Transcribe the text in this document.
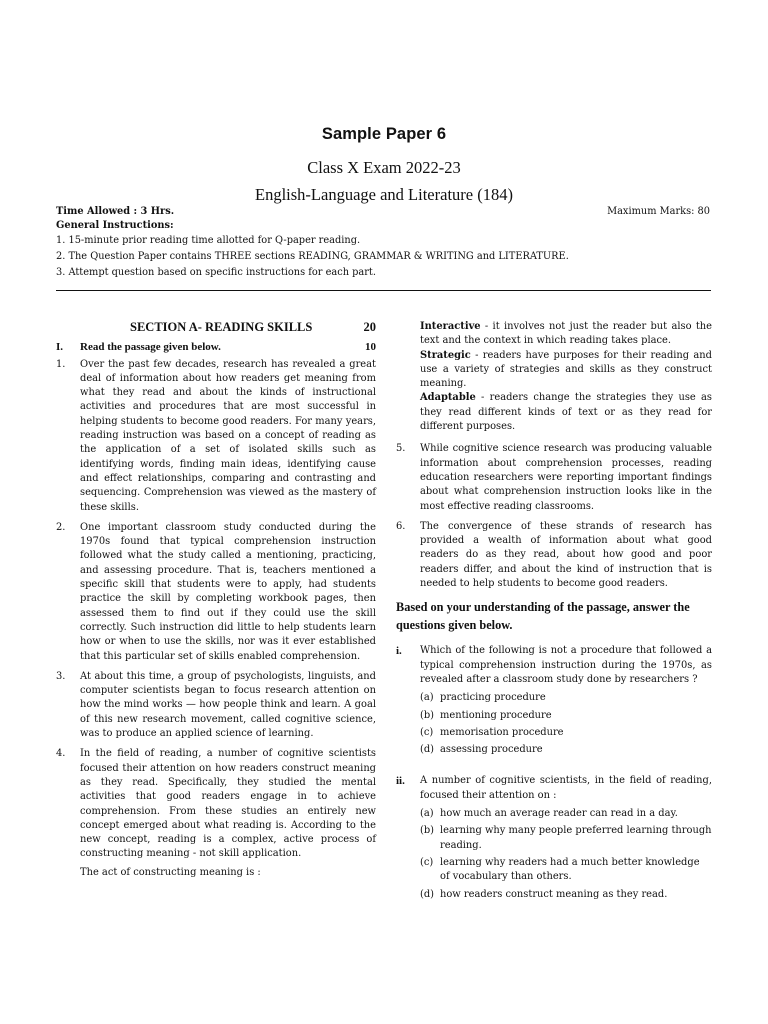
Sample Paper 6
Class X Exam 2022-23
English-Language and Literature (184)
Time Allowed : 3 Hrs.	Maximum Marks: 80
General Instructions:
1. 15-minute prior reading time allotted for Q-paper reading.
2. The Question Paper contains THREE sections READING, GRAMMAR & WRITING and LITERATURE.
3. Attempt question based on specific instructions for each part.
SECTION A- READING SKILLS	20
I.	Read the passage given below.	10
1.	Over the past few decades, research has revealed a great deal of information about how readers get meaning from what they read and about the kinds of instructional activities and procedures that are most successful in helping students to become good readers. For many years, reading instruction was based on a concept of reading as the application of a set of isolated skills such as identifying words, finding main ideas, identifying cause and effect relationships, comparing and contrasting and sequencing. Comprehension was viewed as the mastery of these skills.
2.	One important classroom study conducted during the 1970s found that typical comprehension instruction followed what the study called a mentioning, practicing, and assessing procedure. That is, teachers mentioned a specific skill that students were to apply, had students practice the skill by completing workbook pages, then assessed them to find out if they could use the skill correctly. Such instruction did little to help students learn how or when to use the skills, nor was it ever established that this particular set of skills enabled comprehension.
3.	At about this time, a group of psychologists, linguists, and computer scientists began to focus research attention on how the mind works — how people think and learn. A goal of this new research movement, called cognitive science, was to produce an applied science of learning.
4.	In the field of reading, a number of cognitive scientists focused their attention on how readers construct meaning as they read. Specifically, they studied the mental activities that good readers engage in to achieve comprehension. From these studies an entirely new concept emerged about what reading is. According to the new concept, reading is a complex, active process of constructing meaning - not skill application.
The act of constructing meaning is :
Interactive - it involves not just the reader but also the text and the context in which reading takes place.
Strategic - readers have purposes for their reading and use a variety of strategies and skills as they construct meaning.
Adaptable - readers change the strategies they use as they read different kinds of text or as they read for different purposes.
5.	While cognitive science research was producing valuable information about comprehension processes, reading education researchers were reporting important findings about what comprehension instruction looks like in the most effective reading classrooms.
6.	The convergence of these strands of research has provided a wealth of information about what good readers do as they read, about how good and poor readers differ, and about the kind of instruction that is needed to help students to become good readers.
Based on your understanding of the passage, answer the questions given below.
i.	Which of the following is not a procedure that followed a typical comprehension instruction during the 1970s, as revealed after a classroom study done by researchers ?
(a) practicing procedure
(b) mentioning procedure
(c) memorisation procedure
(d) assessing procedure
ii.	A number of cognitive scientists, in the field of reading, focused their attention on :
(a) how much an average reader can read in a day.
(b) learning why many people preferred learning through reading.
(c) learning why readers had a much better knowledge of vocabulary than others.
(d) how readers construct meaning as they read.
